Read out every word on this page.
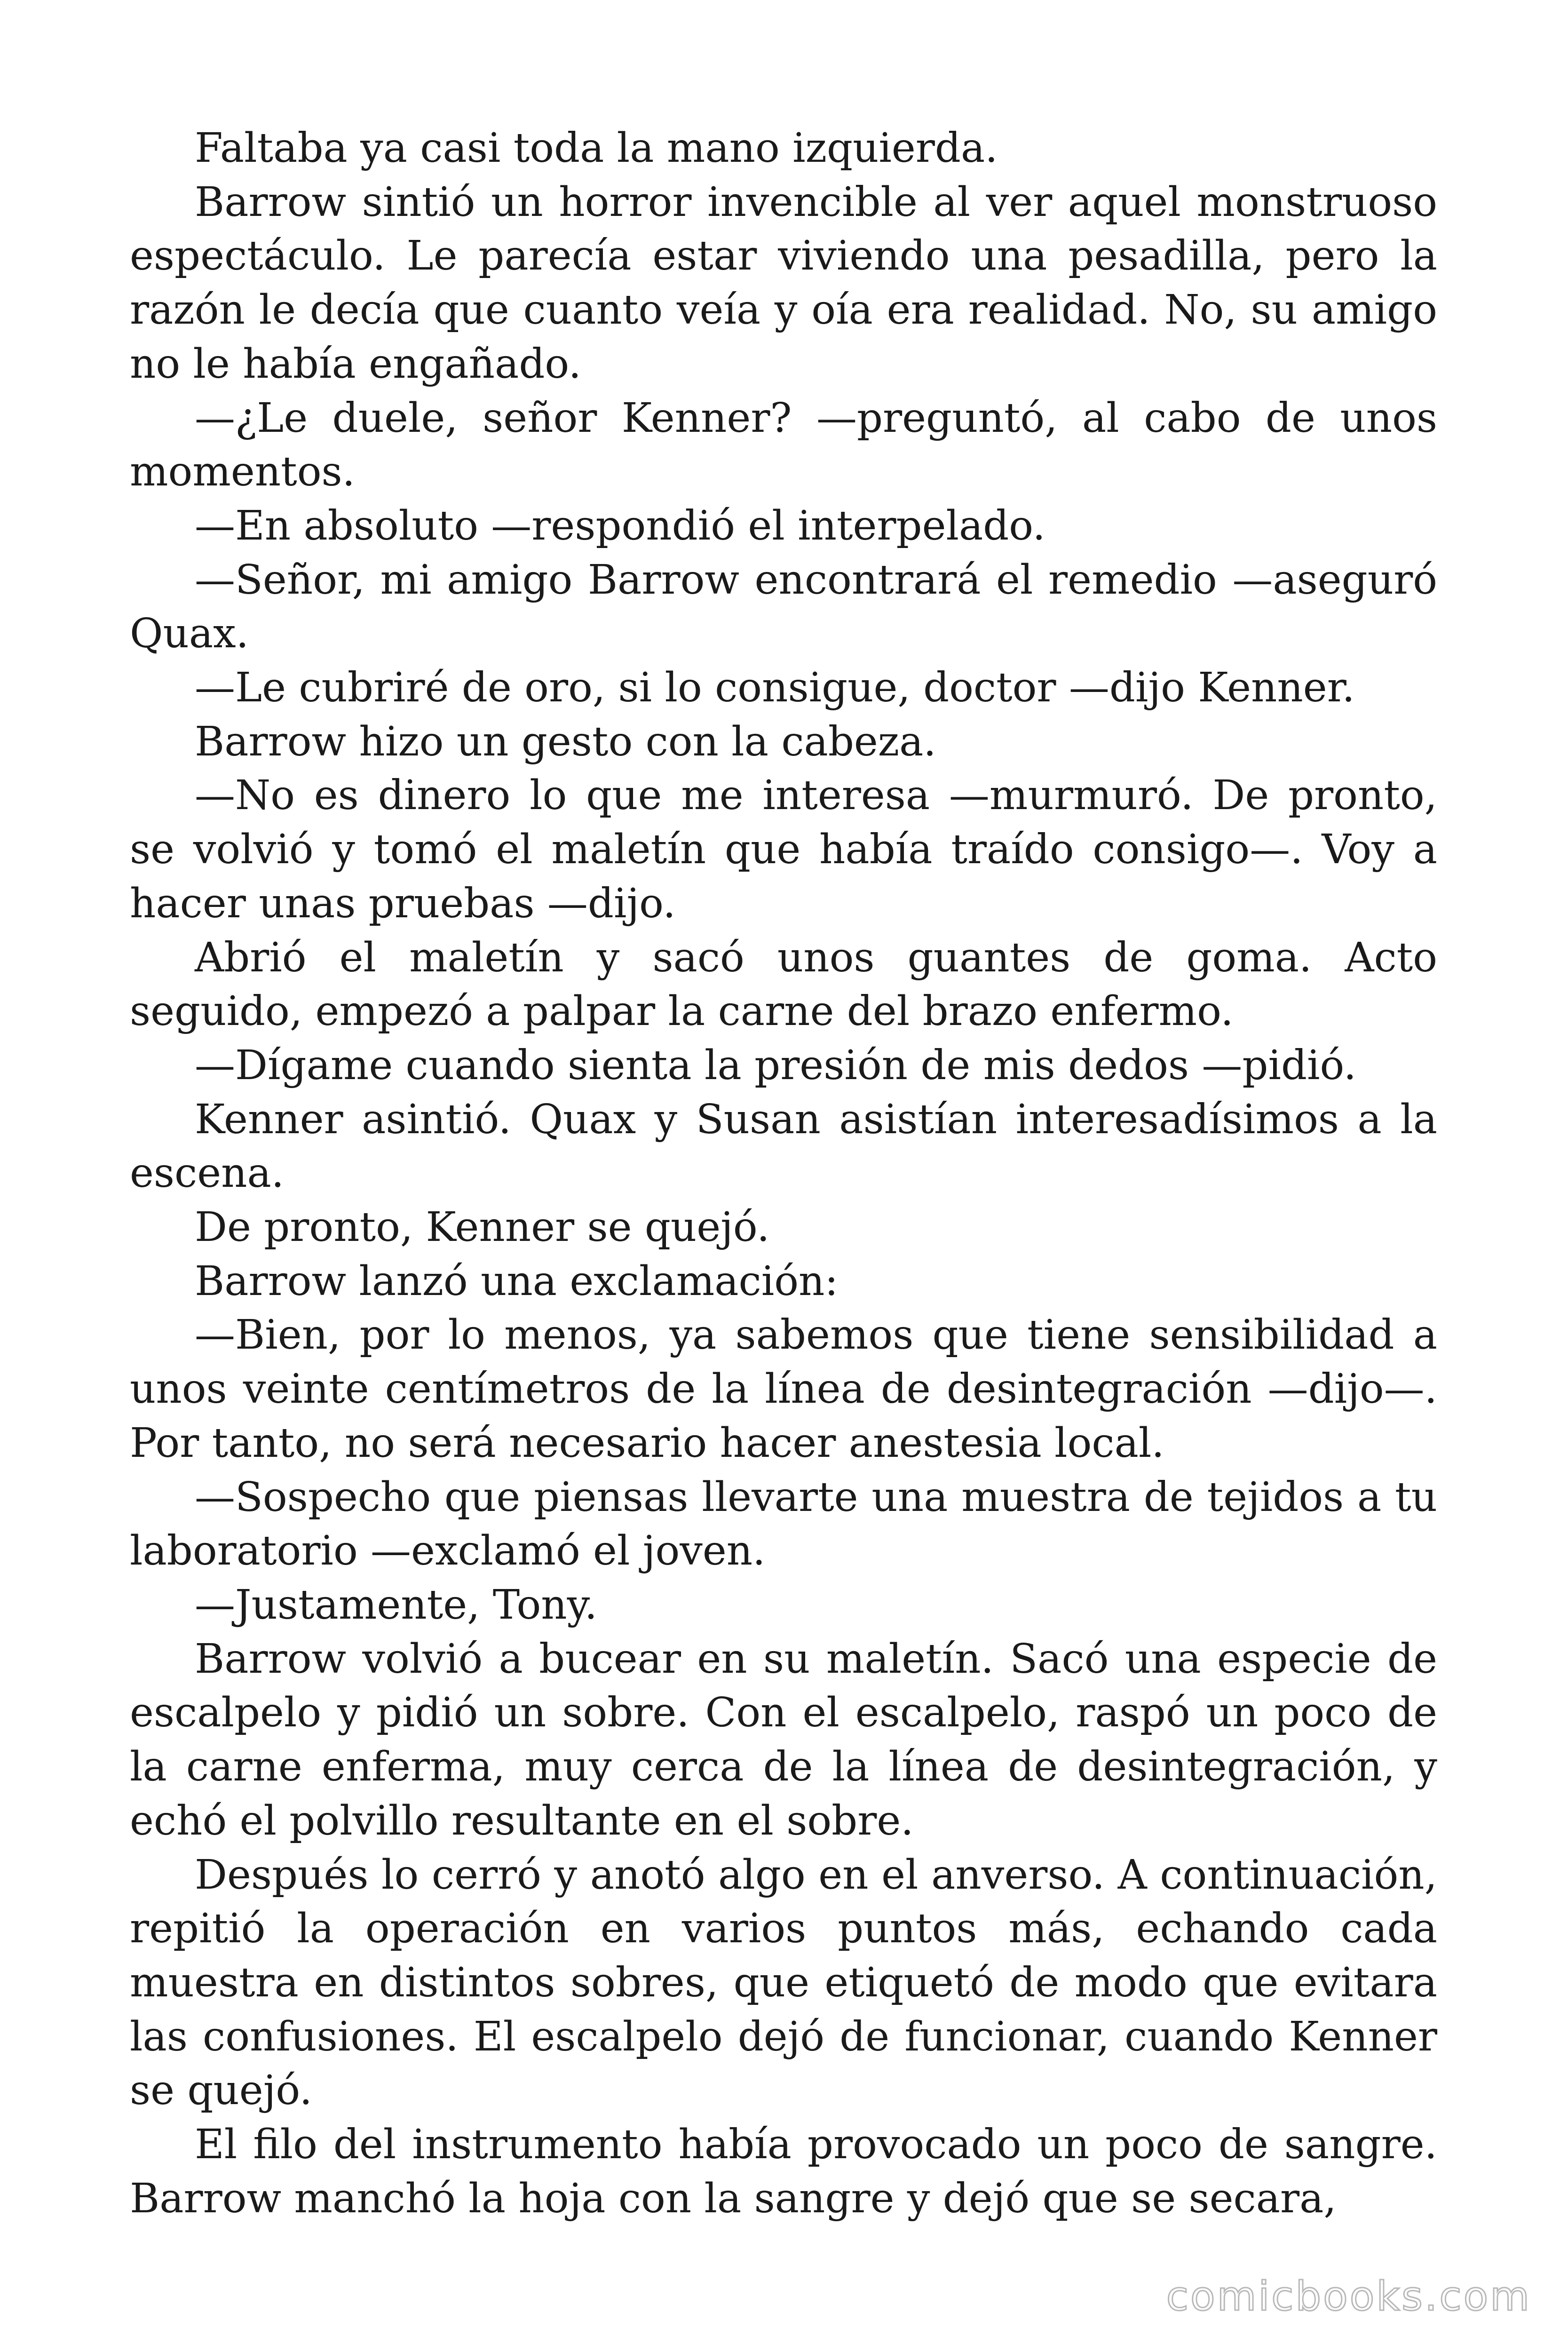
Faltaba ya casi toda la mano izquierda.

Barrow sintió un horror invencible al ver aquel monstruoso espectáculo. Le parecía estar viviendo una pesadilla, pero la razón le decía que cuanto veía y oía era realidad. No, su amigo no le había engañado.

—¿Le duele, señor Kenner? —preguntó, al cabo de unos momentos.

—En absoluto —respondió el interpelado.

—Señor, mi amigo Barrow encontrará el remedio —aseguró Quax.

—Le cubriré de oro, si lo consigue, doctor —dijo Kenner.

Barrow hizo un gesto con la cabeza.

—No es dinero lo que me interesa —murmuró. De pronto, se volvió y tomó el maletín que había traído consigo—. Voy a hacer unas pruebas —dijo.

Abrió el maletín y sacó unos guantes de goma. Acto seguido, empezó a palpar la carne del brazo enfermo.

—Dígame cuando sienta la presión de mis dedos —pidió.

Kenner asintió. Quax y Susan asistían interesadísimos a la escena.

De pronto, Kenner se quejó.

Barrow lanzó una exclamación:

—Bien, por lo menos, ya sabemos que tiene sensibilidad a unos veinte centímetros de la línea de desintegración —dijo—. Por tanto, no será necesario hacer anestesia local.

—Sospecho que piensas llevarte una muestra de tejidos a tu laboratorio —exclamó el joven.

—Justamente, Tony.

Barrow volvió a bucear en su maletín. Sacó una especie de escalpelo y pidió un sobre. Con el escalpelo, raspó un poco de la carne enferma, muy cerca de la línea de desintegración, y echó el polvillo resultante en el sobre.

Después lo cerró y anotó algo en el anverso. A continuación, repitió la operación en varios puntos más, echando cada muestra en distintos sobres, que etiquetó de modo que evitara las confusiones. El escalpelo dejó de funcionar, cuando Kenner se quejó.

El filo del instrumento había provocado un poco de sangre. Barrow manchó la hoja con la sangre y dejó que se secara,

comicbooks.com
